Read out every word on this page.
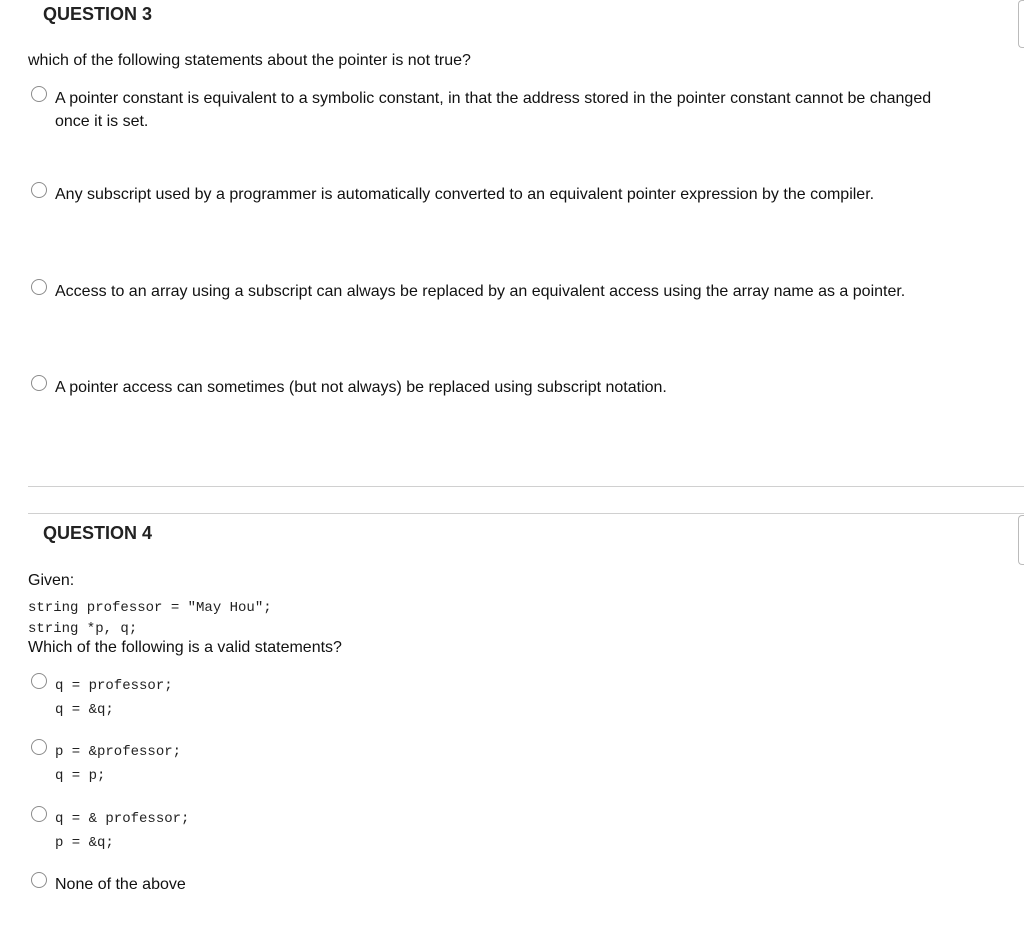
QUESTION 3
which of the following statements about the pointer is not true?
A pointer constant is equivalent to a symbolic constant, in that the address stored in the pointer constant cannot be changed once it is set.
Any subscript used by a programmer is automatically converted to an equivalent pointer expression by the compiler.
Access to an array using a subscript can always be replaced by an equivalent access using the array name as a pointer.
A pointer access can sometimes (but not always) be replaced using subscript notation.
QUESTION 4
Given:
string professor = "May Hou";
string *p, q;
Which of the following is a valid statements?
q = professor;
q = &q;
p = &professor;
q = p;
q = & professor;
p = &q;
None of the above
